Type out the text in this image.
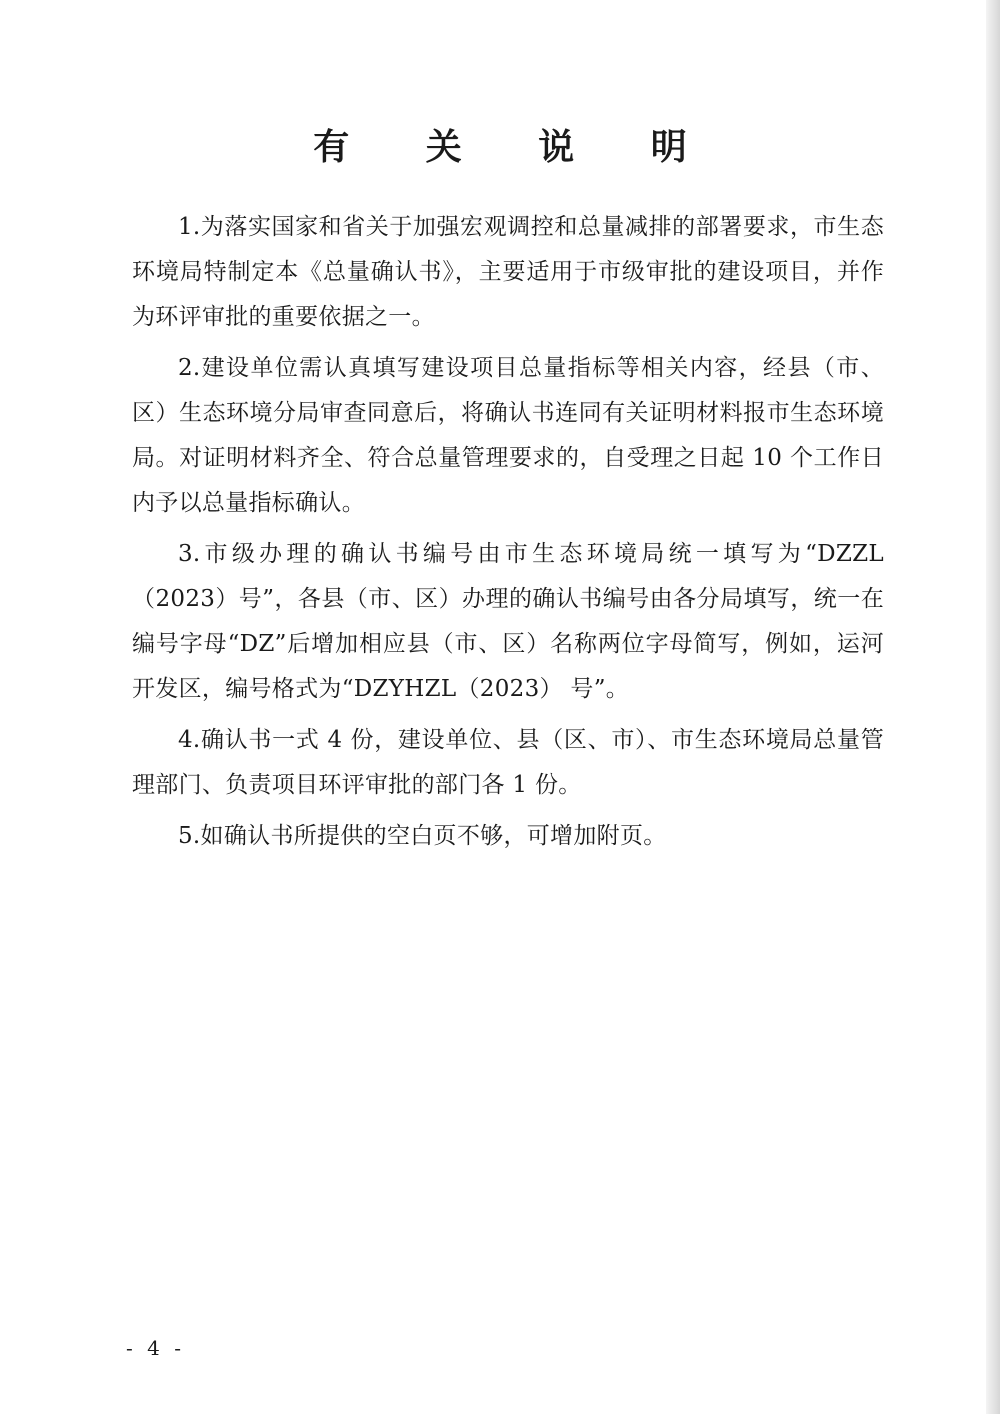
有 关 说 明

1.为落实国家和省关于加强宏观调控和总量减排的部署要求，市生态环境局特制定本《总量确认书》，主要适用于市级审批的建设项目，并作为环评审批的重要依据之一。

2.建设单位需认真填写建设项目总量指标等相关内容，经县（市、区）生态环境分局审查同意后，将确认书连同有关证明材料报市生态环境局。对证明材料齐全、符合总量管理要求的，自受理之日起 10 个工作日内予以总量指标确认。

3.市级办理的确认书编号由市生态环境局统一填写为“DZZL（2023）号”，各县（市、区）办理的确认书编号由各分局填写，统一在编号字母“DZ”后增加相应县（市、区）名称两位字母简写，例如，运河开发区，编号格式为“DZYHZL（2023） 号”。

4.确认书一式 4 份，建设单位、县（区、市）、市生态环境局总量管理部门、负责项目环评审批的部门各 1 份。

5.如确认书所提供的空白页不够，可增加附页。

- 4 -
